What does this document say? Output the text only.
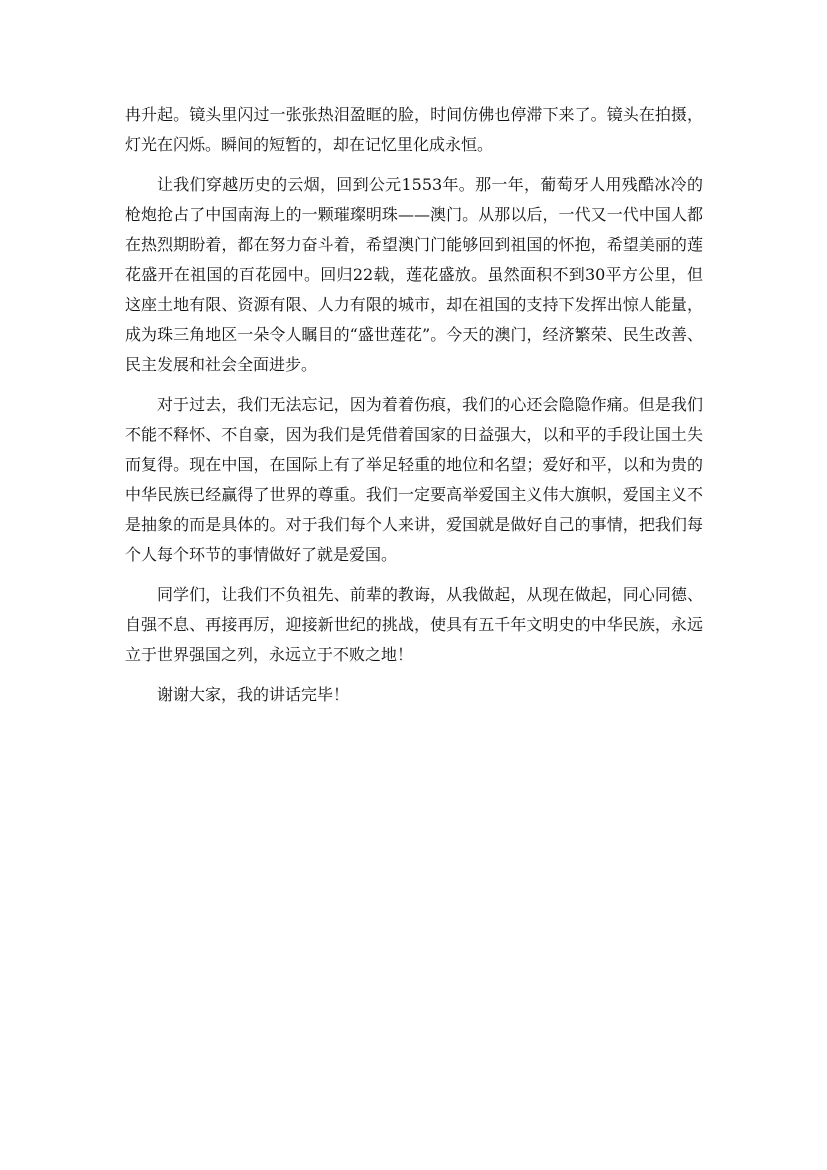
冉升起。镜头里闪过一张张热泪盈眶的脸，时间仿佛也停滞下来了。镜头在拍摄，灯光在闪烁。瞬间的短暂的，却在记忆里化成永恒。

让我们穿越历史的云烟，回到公元1553年。那一年，葡萄牙人用残酷冰冷的枪炮抢占了中国南海上的一颗璀璨明珠——澳门。从那以后，一代又一代中国人都在热烈期盼着，都在努力奋斗着，希望澳门门能够回到祖国的怀抱，希望美丽的莲花盛开在祖国的百花园中。回归22载，莲花盛放。虽然面积不到30平方公里，但这座土地有限、资源有限、人力有限的城市，却在祖国的支持下发挥出惊人能量，成为珠三角地区一朵令人瞩目的“盛世莲花”。今天的澳门，经济繁荣、民生改善、民主发展和社会全面进步。

对于过去，我们无法忘记，因为着着伤痕，我们的心还会隐隐作痛。但是我们不能不释怀、不自豪，因为我们是凭借着国家的日益强大，以和平的手段让国土失而复得。现在中国，在国际上有了举足轻重的地位和名望；爱好和平，以和为贵的中华民族已经赢得了世界的尊重。我们一定要高举爱国主义伟大旗帜，爱国主义不是抽象的而是具体的。对于我们每个人来讲，爱国就是做好自己的事情，把我们每个人每个环节的事情做好了就是爱国。

同学们，让我们不负祖先、前辈的教诲，从我做起，从现在做起，同心同德、自强不息、再接再厉，迎接新世纪的挑战，使具有五千年文明史的中华民族，永远立于世界强国之列，永远立于不败之地！

谢谢大家，我的讲话完毕！
